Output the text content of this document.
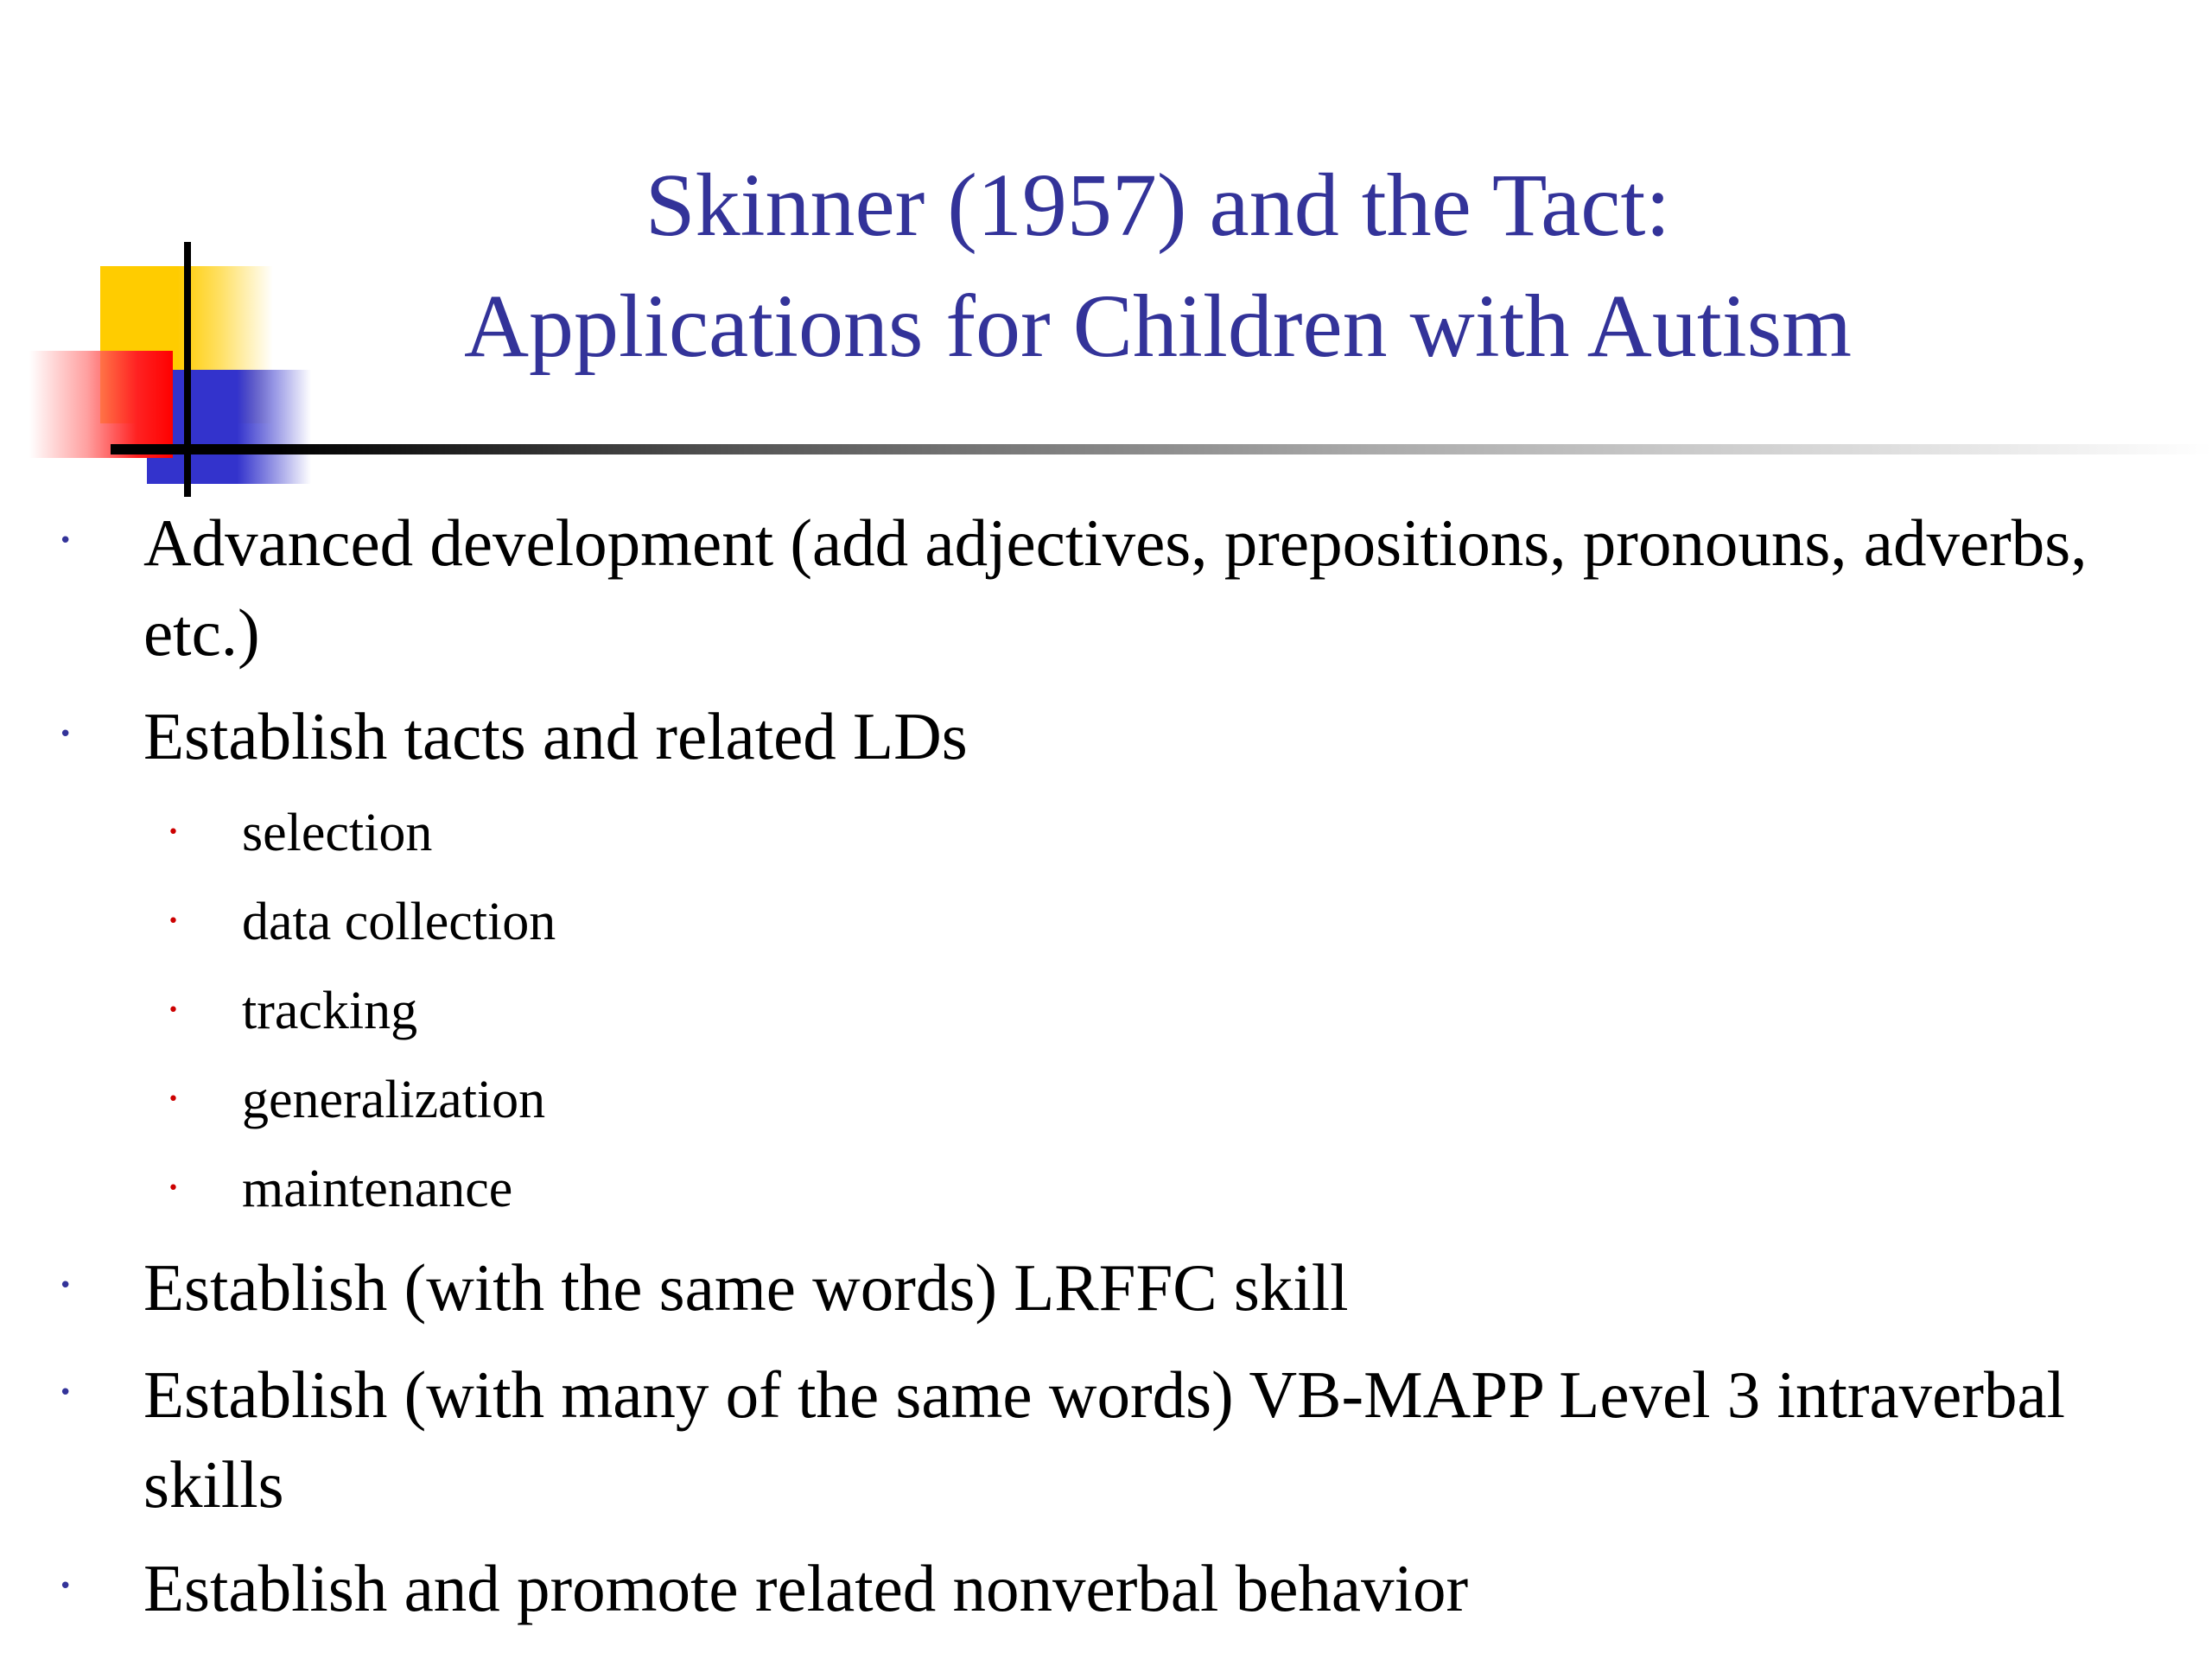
Skinner (1957) and the Tact:
Applications for Children with Autism
• Advanced development (add adjectives, prepositions, pronouns, adverbs, etc.)
• Establish tacts and related LDs
• selection
• data collection
• tracking
• generalization
• maintenance
• Establish (with the same words) LRFFC skill
• Establish (with many of the same words) VB-MAPP Level 3 intraverbal skills
• Establish and promote related nonverbal behavior
